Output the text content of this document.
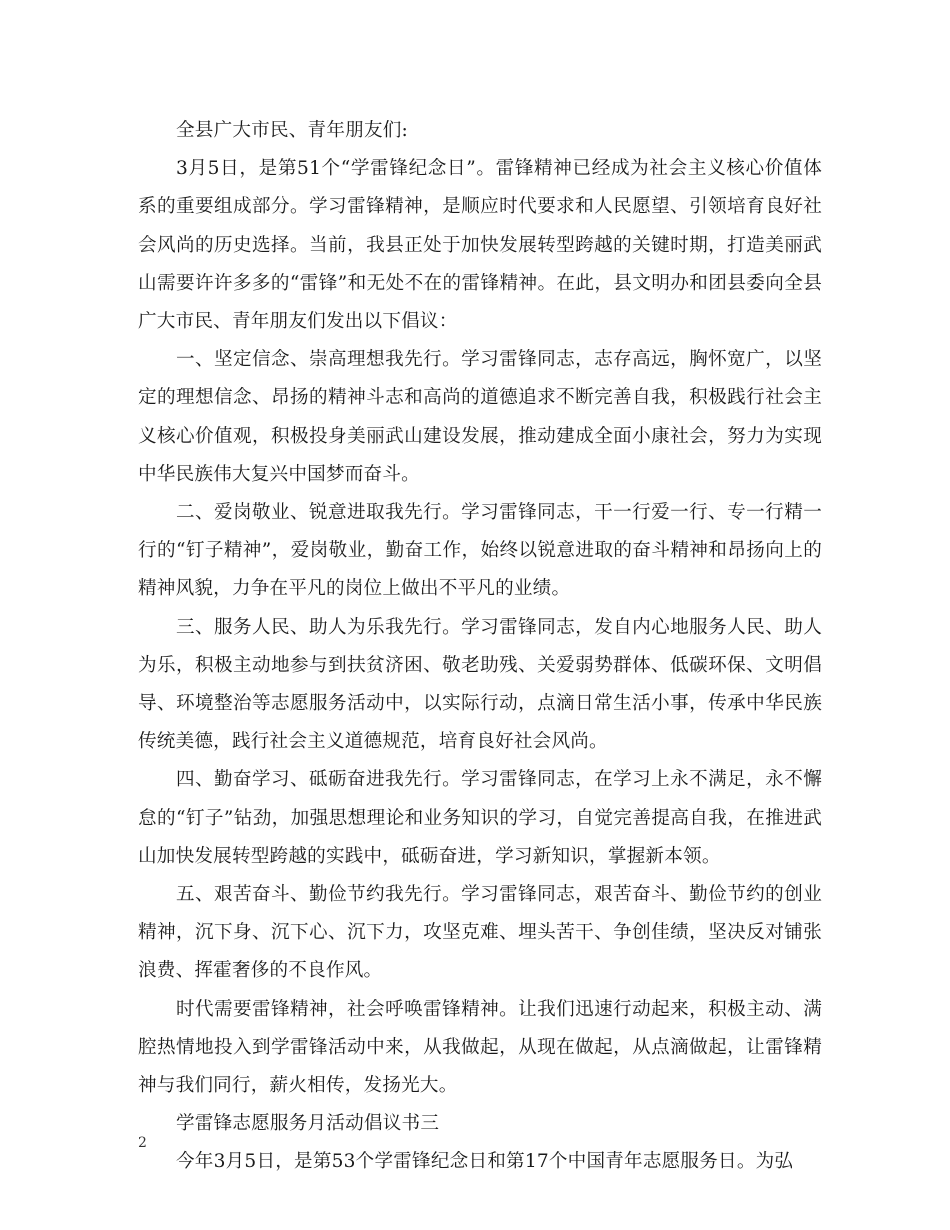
全县广大市民、青年朋友们:

3月5日，是第51个“学雷锋纪念日”。雷锋精神已经成为社会主义核心价值体系的重要组成部分。学习雷锋精神，是顺应时代要求和人民愿望、引领培育良好社会风尚的历史选择。当前，我县正处于加快发展转型跨越的关键时期，打造美丽武山需要许许多多的“雷锋”和无处不在的雷锋精神。在此，县文明办和团县委向全县广大市民、青年朋友们发出以下倡议：

一、坚定信念、崇高理想我先行。学习雷锋同志，志存高远，胸怀宽广，以坚定的理想信念、昂扬的精神斗志和高尚的道德追求不断完善自我，积极践行社会主义核心价值观，积极投身美丽武山建设发展，推动建成全面小康社会，努力为实现中华民族伟大复兴中国梦而奋斗。

二、爱岗敬业、锐意进取我先行。学习雷锋同志，干一行爱一行、专一行精一行的“钉子精神”，爱岗敬业，勤奋工作，始终以锐意进取的奋斗精神和昂扬向上的精神风貌，力争在平凡的岗位上做出不平凡的业绩。

三、服务人民、助人为乐我先行。学习雷锋同志，发自内心地服务人民、助人为乐，积极主动地参与到扶贫济困、敬老助残、关爱弱势群体、低碳环保、文明倡导、环境整治等志愿服务活动中，以实际行动，点滴日常生活小事，传承中华民族传统美德，践行社会主义道德规范，培育良好社会风尚。

四、勤奋学习、砥砺奋进我先行。学习雷锋同志，在学习上永不满足，永不懈怠的“钉子”钻劲，加强思想理论和业务知识的学习，自觉完善提高自我，在推进武山加快发展转型跨越的实践中，砥砺奋进，学习新知识，掌握新本领。

五、艰苦奋斗、勤俭节约我先行。学习雷锋同志，艰苦奋斗、勤俭节约的创业精神，沉下身、沉下心、沉下力，攻坚克难、埋头苦干、争创佳绩，坚决反对铺张浪费、挥霍奢侈的不良作风。

时代需要雷锋精神，社会呼唤雷锋精神。让我们迅速行动起来，积极主动、满腔热情地投入到学雷锋活动中来，从我做起，从现在做起，从点滴做起，让雷锋精神与我们同行，薪火相传，发扬光大。

学雷锋志愿服务月活动倡议书三

今年3月5日，是第53个学雷锋纪念日和第17个中国青年志愿服务日。为弘

2
